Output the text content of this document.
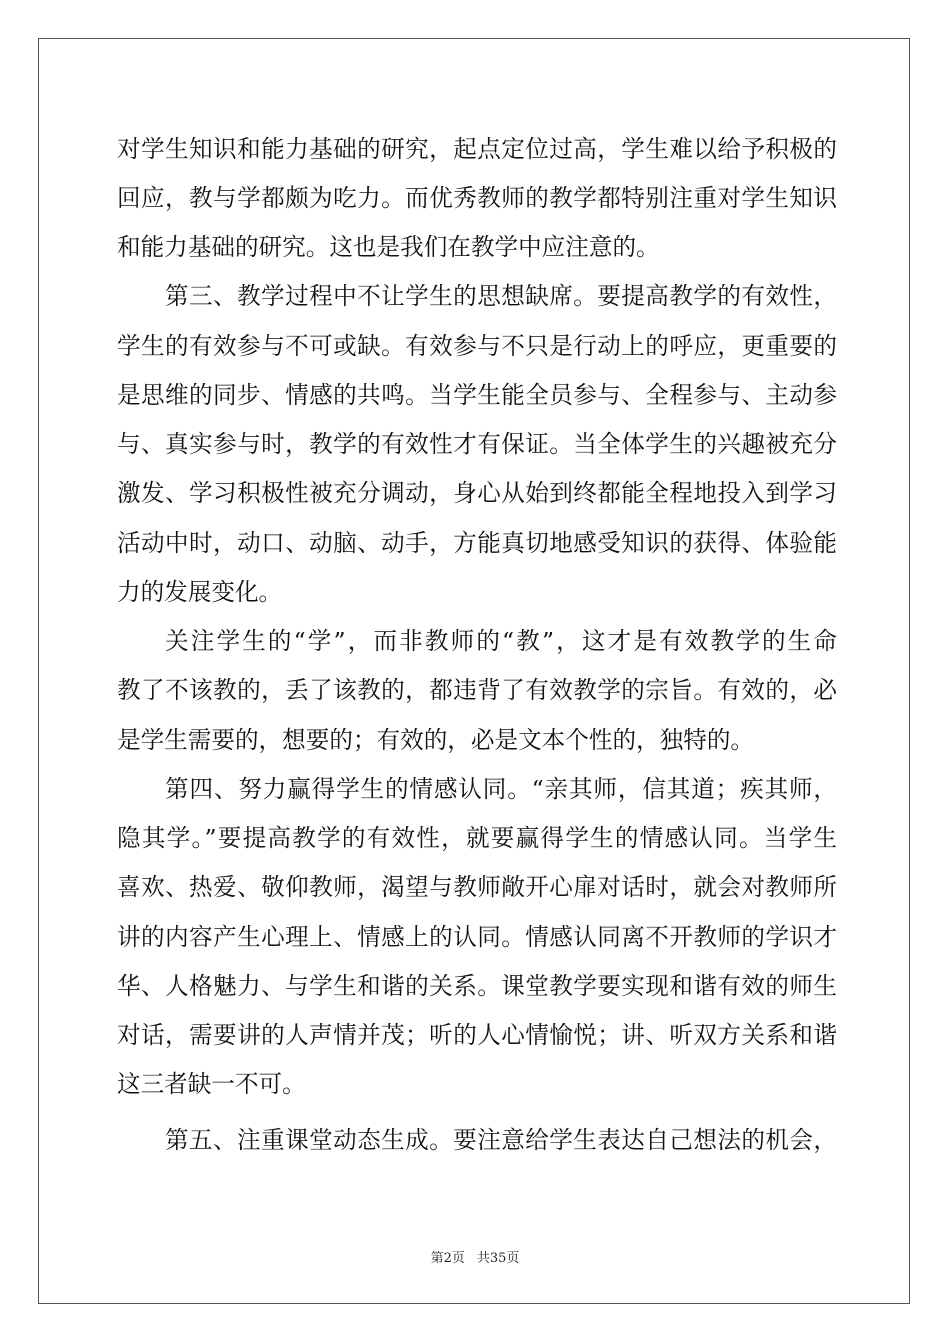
对学生知识和能力基础的研究，起点定位过高，学生难以给予积极的
回应，教与学都颇为吃力。而优秀教师的教学都特别注重对学生知识
和能力基础的研究。这也是我们在教学中应注意的。
第三、教学过程中不让学生的思想缺席。要提高教学的有效性，
学生的有效参与不可或缺。有效参与不只是行动上的呼应，更重要的
是思维的同步、情感的共鸣。当学生能全员参与、全程参与、主动参
与、真实参与时，教学的有效性才有保证。当全体学生的兴趣被充分
激发、学习积极性被充分调动，身心从始到终都能全程地投入到学习
活动中时，动口、动脑、动手，方能真切地感受知识的获得、体验能
力的发展变化。
关注学生的“学”，而非教师的“教”，这才是有效教学的生命
教了不该教的，丢了该教的，都违背了有效教学的宗旨。有效的，必
是学生需要的，想要的；有效的，必是文本个性的，独特的。
第四、努力赢得学生的情感认同。“亲其师，信其道；疾其师，
隐其学。”要提高教学的有效性，就要赢得学生的情感认同。当学生
喜欢、热爱、敬仰教师，渴望与教师敞开心扉对话时，就会对教师所
讲的内容产生心理上、情感上的认同。情感认同离不开教师的学识才
华、人格魅力、与学生和谐的关系。课堂教学要实现和谐有效的师生
对话，需要讲的人声情并茂；听的人心情愉悦；讲、听双方关系和谐
这三者缺一不可。
第五、注重课堂动态生成。要注意给学生表达自己想法的机会，
第2页 共35页
